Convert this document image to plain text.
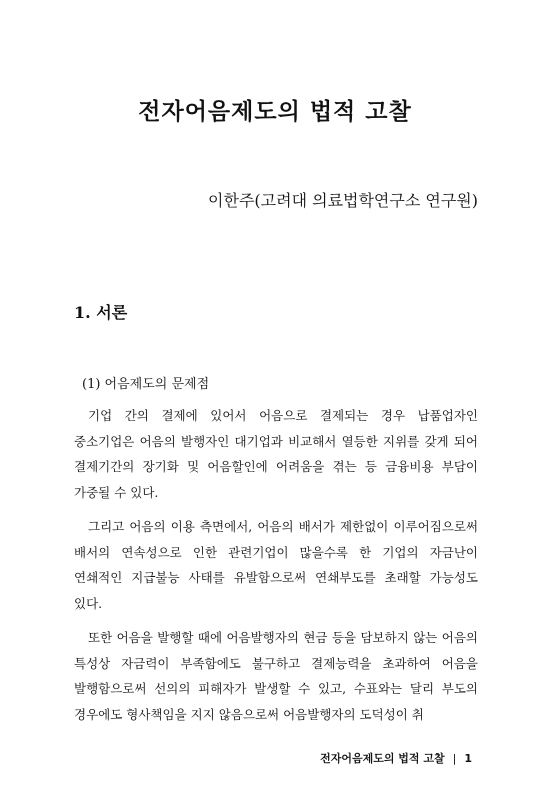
전자어음제도의 법적 고찰
이한주(고려대 의료법학연구소 연구원)
1. 서론
(1) 어음제도의 문제점

기업 간의 결제에 있어서 어음으로 결제되는 경우 납품업자인 중소기업은 어음의 발행자인 대기업과 비교해서 열등한 지위를 갖게 되어 결제기간의 장기화 및 어음할인에 어려움을 겪는 등 금융비용 부담이 가중될 수 있다.

그리고 어음의 이용 측면에서, 어음의 배서가 제한없이 이루어짐으로써 배서의 연속성으로 인한 관련기업이 많을수록 한 기업의 자금난이 연쇄적인 지급불능 사태를 유발함으로써 연쇄부도를 초래할 가능성도 있다.

또한 어음을 발행할 때에 어음발행자의 현금 등을 담보하지 않는 어음의 특성상 자금력이 부족함에도 불구하고 결제능력을 초과하여 어음을 발행함으로써 선의의 피해자가 발생할 수 있고, 수표와는 달리 부도의 경우에도 형사책임을 지지 않음으로써 어음발행자의 도덕성이 취

전자어음제도의 법적 고찰 | 1
